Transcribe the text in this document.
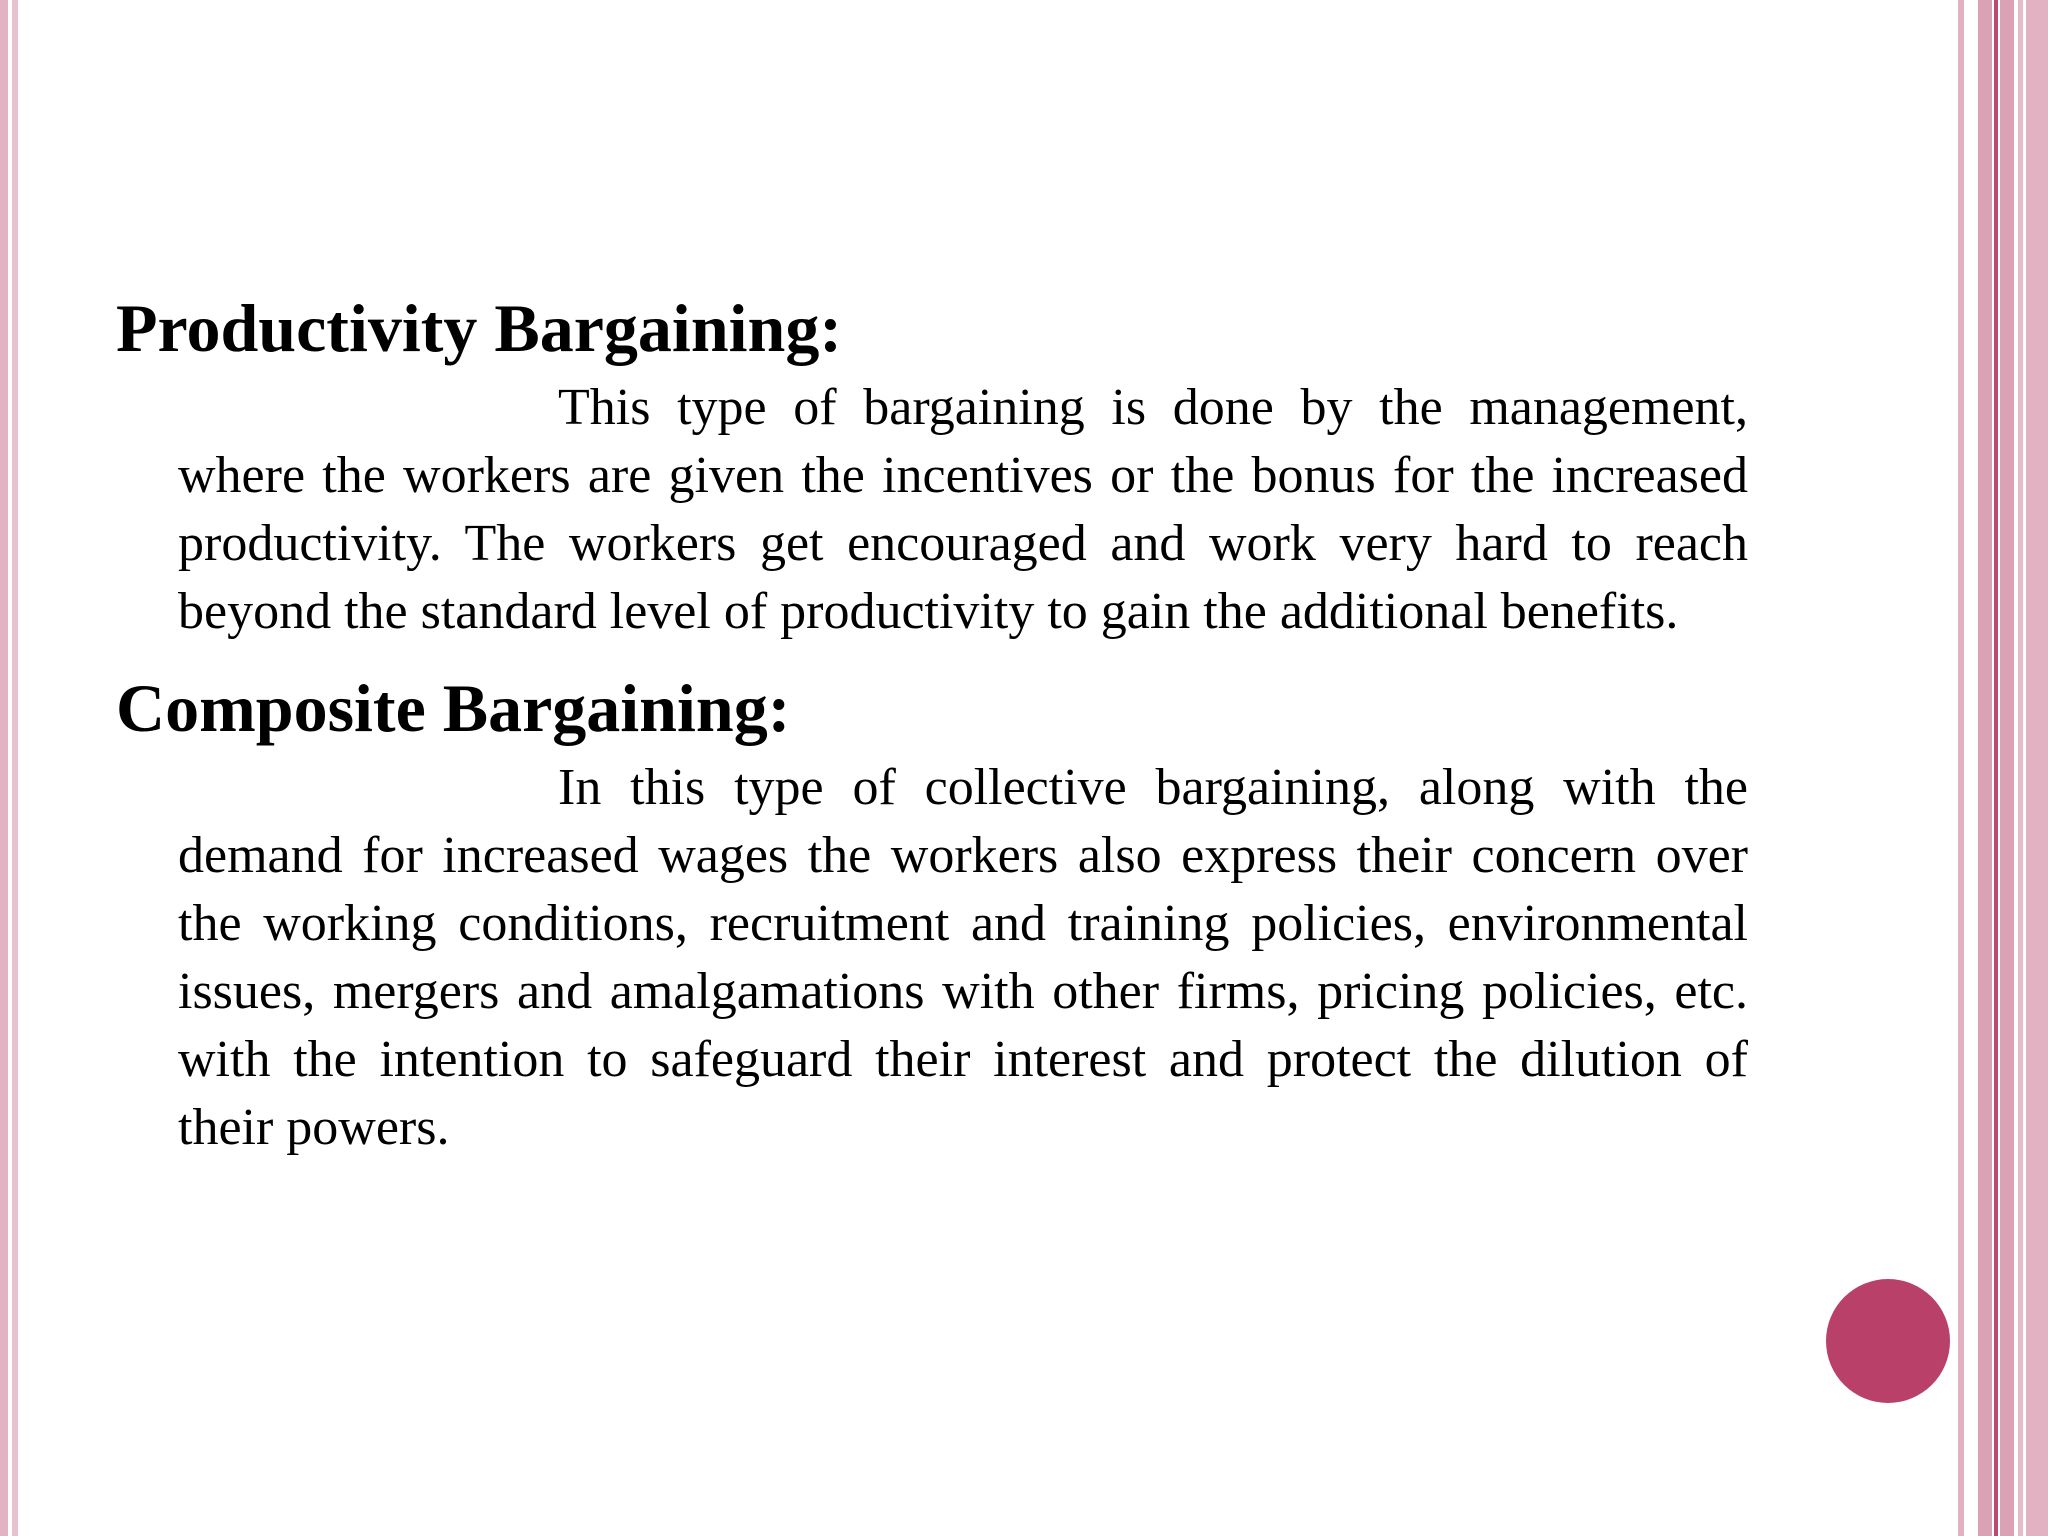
Productivity Bargaining:

This type of bargaining is done by the management, where the workers are given the incentives or the bonus for the increased productivity. The workers get encouraged and work very hard to reach beyond the standard level of productivity to gain the additional benefits.

Composite Bargaining:

In this type of collective bargaining, along with the demand for increased wages the workers also express their concern over the working conditions, recruitment and training policies, environmental issues, mergers and amalgamations with other firms, pricing policies, etc. with the intention to safeguard their interest and protect the dilution of their powers.
